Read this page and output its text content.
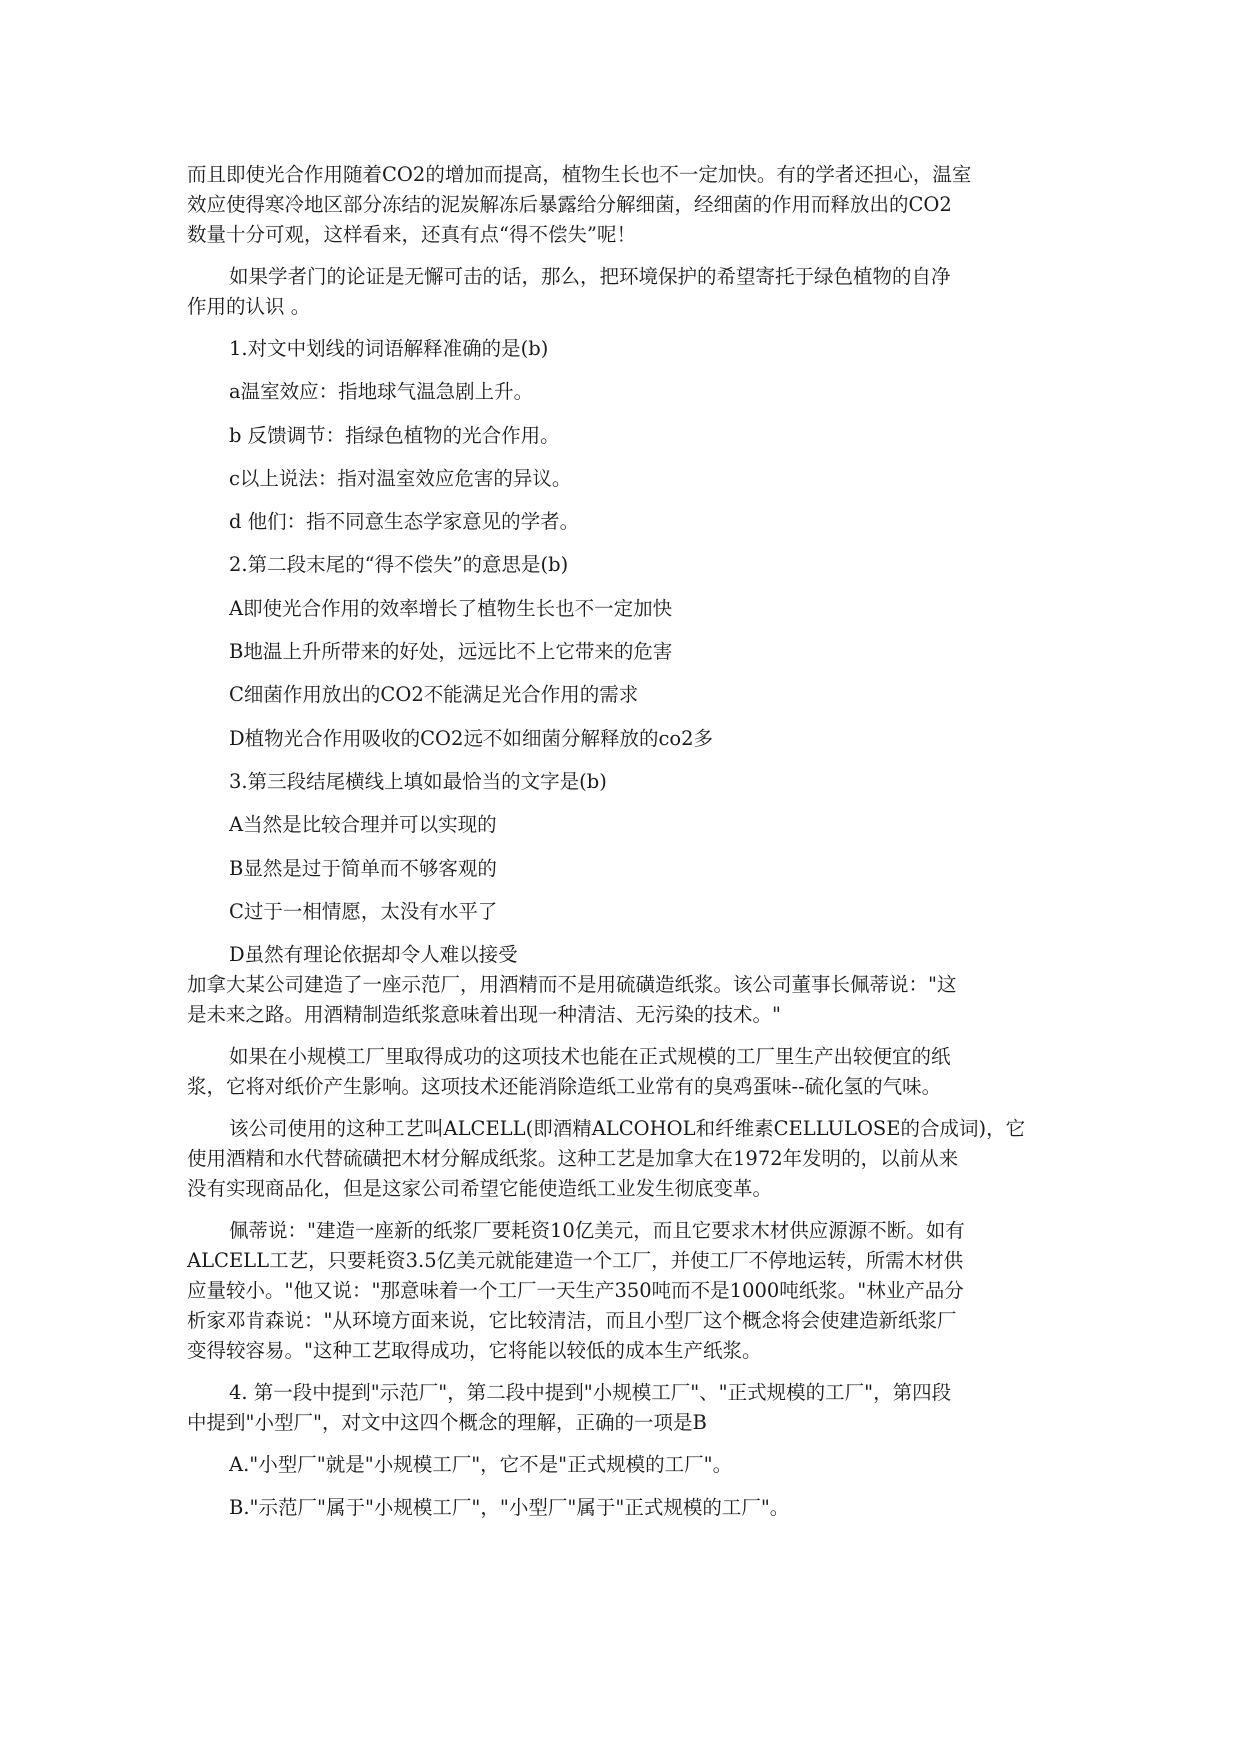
而且即使光合作用随着CO2的增加而提高，植物生长也不一定加快。有的学者还担心，温室

效应使得寒冷地区部分冻结的泥炭解冻后暴露给分解细菌，经细菌的作用而释放出的CO2

数量十分可观，这样看来，还真有点“得不偿失”呢！

如果学者门的论证是无懈可击的话，那么，把环境保护的希望寄托于绿色植物的自净

作用的认识 。

1.对文中划线的词语解释准确的是(b)

a温室效应：指地球气温急剧上升。

b 反馈调节：指绿色植物的光合作用。

c以上说法：指对温室效应危害的异议。

d 他们：指不同意生态学家意见的学者。

2.第二段末尾的“得不偿失”的意思是(b)

A即使光合作用的效率增长了植物生长也不一定加快

B地温上升所带来的好处，远远比不上它带来的危害

C细菌作用放出的CO2不能满足光合作用的需求

D植物光合作用吸收的CO2远不如细菌分解释放的co2多

3.第三段结尾横线上填如最恰当的文字是(b)

A当然是比较合理并可以实现的

B显然是过于简单而不够客观的

C过于一相情愿，太没有水平了

D虽然有理论依据却令人难以接受

加拿大某公司建造了一座示范厂，用酒精而不是用硫磺造纸浆。该公司董事长佩蒂说："这

是未来之路。用酒精制造纸浆意味着出现一种清洁、无污染的技术。"

如果在小规模工厂里取得成功的这项技术也能在正式规模的工厂里生产出较便宜的纸

浆，它将对纸价产生影响。这项技术还能消除造纸工业常有的臭鸡蛋味--硫化氢的气味。

该公司使用的这种工艺叫ALCELL(即酒精ALCOHOL和纤维素CELLULOSE的合成词)，它

使用酒精和水代替硫磺把木材分解成纸浆。这种工艺是加拿大在1972年发明的，以前从来

没有实现商品化，但是这家公司希望它能使造纸工业发生彻底变革。

佩蒂说："建造一座新的纸浆厂要耗资10亿美元，而且它要求木材供应源源不断。如有

ALCELL工艺，只要耗资3.5亿美元就能建造一个工厂，并使工厂不停地运转，所需木材供

应量较小。"他又说："那意味着一个工厂一天生产350吨而不是1000吨纸浆。"林业产品分

析家邓肯森说："从环境方面来说，它比较清洁，而且小型厂这个概念将会使建造新纸浆厂

变得较容易。"这种工艺取得成功，它将能以较低的成本生产纸浆。

4. 第一段中提到"示范厂"，第二段中提到"小规模工厂"、"正式规模的工厂"，第四段

中提到"小型厂"，对文中这四个概念的理解，正确的一项是B

A."小型厂"就是"小规模工厂"，它不是"正式规模的工厂"。

B."示范厂"属于"小规模工厂"，"小型厂"属于"正式规模的工厂"。
